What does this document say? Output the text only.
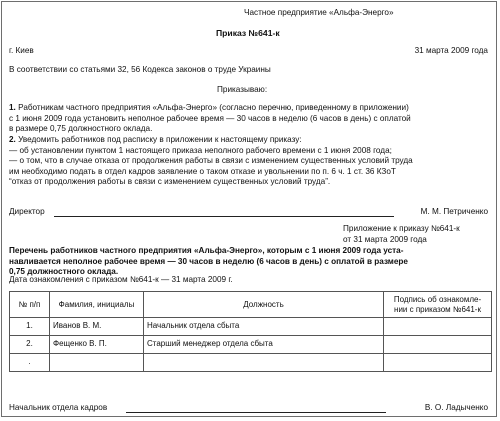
Частное предприятие «Альфа-Энерго»
Приказ №641-к
г. Киев	31 марта 2009 года
В соответствии со статьями 32, 56 Кодекса законов о труде Украины
Приказываю:
1. Работникам частного предприятия «Альфа-Энерго» (согласно перечню, приведенному в приложении)
с 1 июня 2009 года установить неполное рабочее время — 30 часов в неделю (6 часов в день) с оплатой
в размере 0,75 должностного оклада.
2. Уведомить работников под расписку в приложении к настоящему приказу:
— об установлении пунктом 1 настоящего приказа неполного рабочего времени с 1 июня 2008 года;
— о том, что в случае отказа от продолжения работы в связи с изменением существенных условий труда
им необходимо подать в отдел кадров заявление о таком отказе и увольнении по п. 6 ч. 1 ст. 36 КЗоТ
“отказ от продолжения работы в связи с изменением существенных условий труда”.
Директор	М. М. Петриченко
Приложение к приказу №641-к
от 31 марта 2009 года
Перечень работников частного предприятия «Альфа-Энерго», которым с 1 июня 2009 года уста-
навливается неполное рабочее время — 30 часов в неделю (6 часов в день) с оплатой в размере
0,75 должностного оклада.
Дата ознакомления с приказом №641-к — 31 марта 2009 г.
№ п/п	Фамилия, инициалы	Должность	Подпись об ознакомле-
нии с приказом №641-к

1.	Иванов В. М.	Начальник отдела сбыта	
2.	Фещенко В. П.	Старший менеджер отдела сбыта	
.			
Начальник отдела кадров	В. О. Ладыченко
